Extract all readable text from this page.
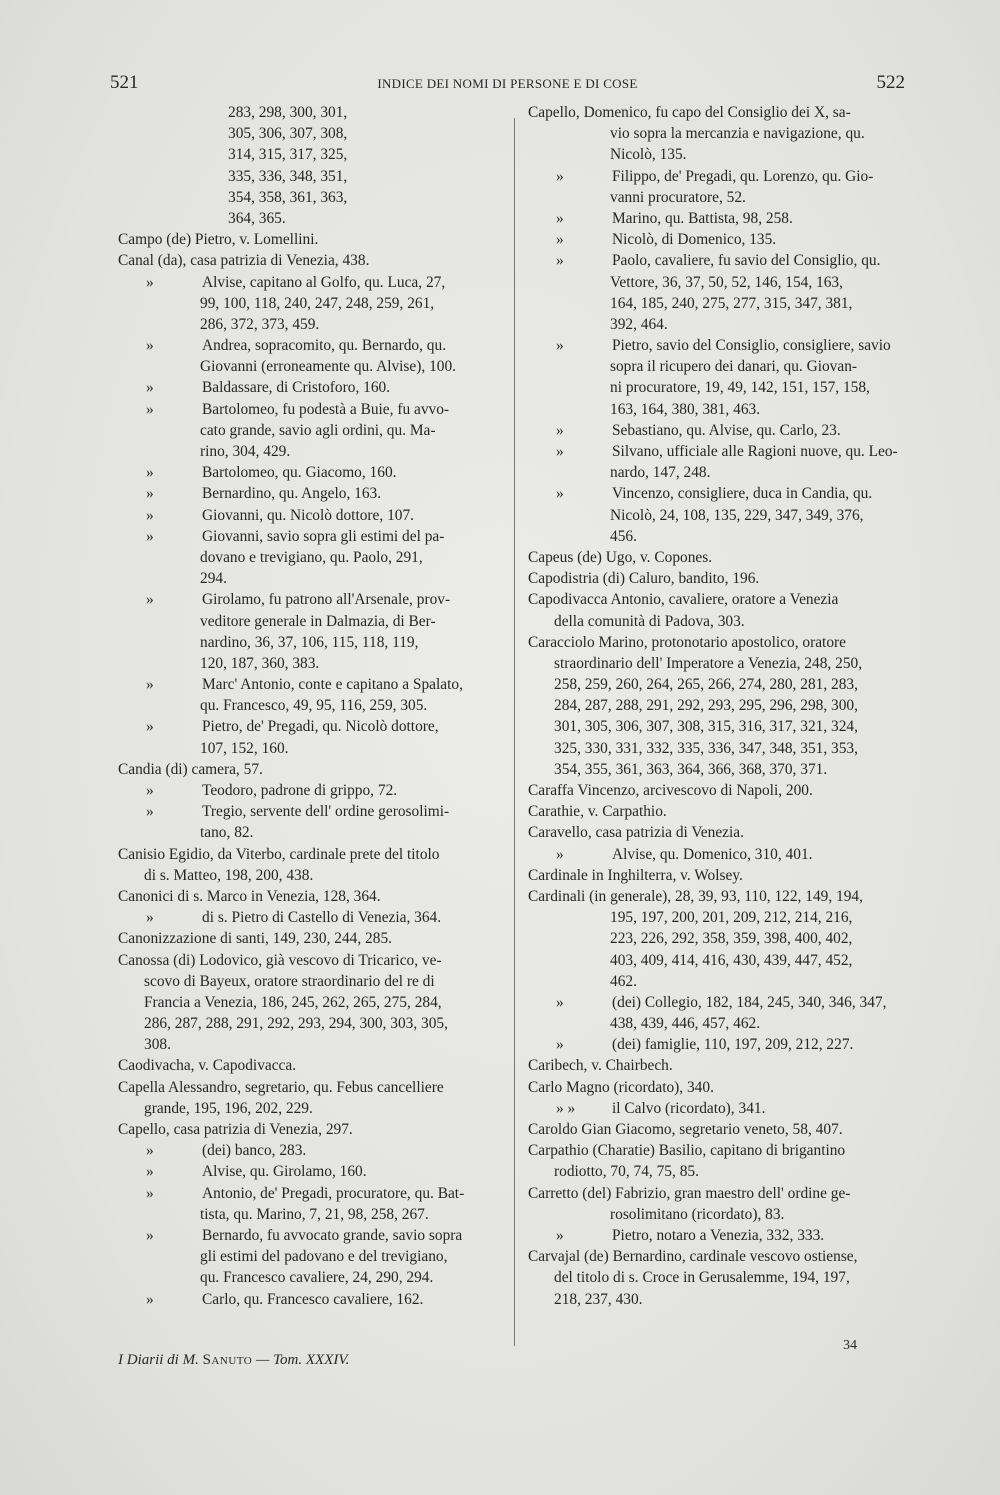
521	INDICE DEI NOMI DI PERSONE E DI COSE	522
283, 298, 300, 301,
305, 306, 307, 308,
314, 315, 317, 325,
335, 336, 348, 351,
354, 358, 361, 363,
364, 365.
Campo (de) Pietro, v. Lomellini.
Canal (da), casa patrizia di Venezia, 438.
»	Alvise, capitano al Golfo, qu. Luca, 27,
99, 100, 118, 240, 247, 248, 259, 261,
286, 372, 373, 459.
»	Andrea, sopracomito, qu. Bernardo, qu.
Giovanni (erroneamente qu. Alvise), 100.
»	Baldassare, di Cristoforo, 160.
»	Bartolomeo, fu podestà a Buie, fu avvo-
cato grande, savio agli ordini, qu. Ma-
rino, 304, 429.
»	Bartolomeo, qu. Giacomo, 160.
»	Bernardino, qu. Angelo, 163.
»	Giovanni, qu. Nicolò dottore, 107.
»	Giovanni, savio sopra gli estimi del pa-
dovano e trevigiano, qu. Paolo, 291,
294.
»	Girolamo, fu patrono all'Arsenale, prov-
veditore generale in Dalmazia, di Ber-
nardino, 36, 37, 106, 115, 118, 119,
120, 187, 360, 383.
»	Marc' Antonio, conte e capitano a Spalato,
qu. Francesco, 49, 95, 116, 259, 305.
»	Pietro, de' Pregadi, qu. Nicolò dottore,
107, 152, 160.
Candia (di) camera, 57.
»	Teodoro, padrone di grippo, 72.
»	Tregio, servente dell' ordine gerosolimi-
tano, 82.
Canisio Egidio, da Viterbo, cardinale prete del titolo
di s. Matteo, 198, 200, 438.
Canonici di s. Marco in Venezia, 128, 364.
»	di s. Pietro di Castello di Venezia, 364.
Canonizzazione di santi, 149, 230, 244, 285.
Canossa (di) Lodovico, già vescovo di Tricarico, ve-
scovo di Bayeux, oratore straordinario del re di
Francia a Venezia, 186, 245, 262, 265, 275, 284,
286, 287, 288, 291, 292, 293, 294, 300, 303, 305,
308.
Caodivacha, v. Capodivacca.
Capella Alessandro, segretario, qu. Febus cancelliere
grande, 195, 196, 202, 229.
Capello, casa patrizia di Venezia, 297.
»	(dei) banco, 283.
»	Alvise, qu. Girolamo, 160.
»	Antonio, de' Pregadi, procuratore, qu. Bat-
tista, qu. Marino, 7, 21, 98, 258, 267.
»	Bernardo, fu avvocato grande, savio sopra
gli estimi del padovano e del trevigiano,
qu. Francesco cavaliere, 24, 290, 294.
»	Carlo, qu. Francesco cavaliere, 162.
Capello, Domenico, fu capo del Consiglio dei X, sa-
vio sopra la mercanzia e navigazione, qu.
Nicolò, 135.
»	Filippo, de' Pregadi, qu. Lorenzo, qu. Gio-
vanni procuratore, 52.
»	Marino, qu. Battista, 98, 258.
»	Nicolò, di Domenico, 135.
»	Paolo, cavaliere, fu savio del Consiglio, qu.
Vettore, 36, 37, 50, 52, 146, 154, 163,
164, 185, 240, 275, 277, 315, 347, 381,
392, 464.
»	Pietro, savio del Consiglio, consigliere, savio
sopra il ricupero dei danari, qu. Giovan-
ni procuratore, 19, 49, 142, 151, 157, 158,
163, 164, 380, 381, 463.
»	Sebastiano, qu. Alvise, qu. Carlo, 23.
»	Silvano, ufficiale alle Ragioni nuove, qu. Leo-
nardo, 147, 248.
»	Vincenzo, consigliere, duca in Candia, qu.
Nicolò, 24, 108, 135, 229, 347, 349, 376,
456.
Capeus (de) Ugo, v. Copones.
Capodistria (di) Caluro, bandito, 196.
Capodivacca Antonio, cavaliere, oratore a Venezia
della comunità di Padova, 303.
Caracciolo Marino, protonotario apostolico, oratore
straordinario dell' Imperatore a Venezia, 248, 250,
258, 259, 260, 264, 265, 266, 274, 280, 281, 283,
284, 287, 288, 291, 292, 293, 295, 296, 298, 300,
301, 305, 306, 307, 308, 315, 316, 317, 321, 324,
325, 330, 331, 332, 335, 336, 347, 348, 351, 353,
354, 355, 361, 363, 364, 366, 368, 370, 371.
Caraffa Vincenzo, arcivescovo di Napoli, 200.
Carathie, v. Carpathio.
Caravello, casa patrizia di Venezia.
»	Alvise, qu. Domenico, 310, 401.
Cardinale in Inghilterra, v. Wolsey.
Cardinali (in generale), 28, 39, 93, 110, 122, 149, 194,
195, 197, 200, 201, 209, 212, 214, 216,
223, 226, 292, 358, 359, 398, 400, 402,
403, 409, 414, 416, 430, 439, 447, 452,
462.
»	(dei) Collegio, 182, 184, 245, 340, 346, 347,
438, 439, 446, 457, 462.
»	(dei) famiglie, 110, 197, 209, 212, 227.
Caribech, v. Chairbech.
Carlo Magno (ricordato), 340.
» » il Calvo (ricordato), 341.
Caroldo Gian Giacomo, segretario veneto, 58, 407.
Carpathio (Charatie) Basilio, capitano di brigantino
rodiotto, 70, 74, 75, 85.
Carretto (del) Fabrizio, gran maestro dell' ordine ge-
rosolimitano (ricordato), 83.
»	Pietro, notaro a Venezia, 332, 333.
Carvajal (de) Bernardino, cardinale vescovo ostiense,
del titolo di s. Croce in Gerusalemme, 194, 197,
218, 237, 430.
I Diarii di M. Sanuto — Tom. XXXIV.
34
